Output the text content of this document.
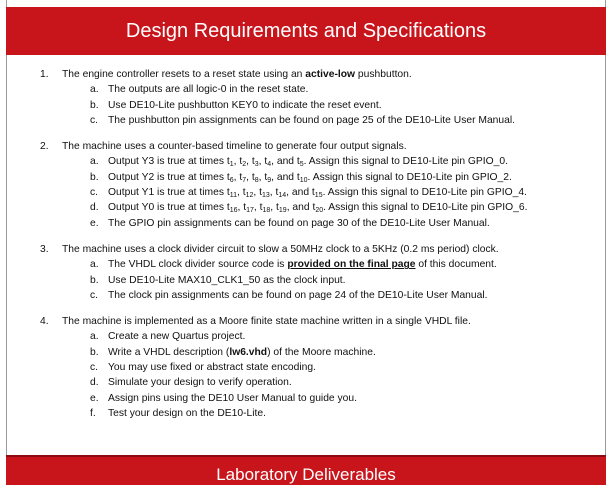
Design Requirements and Specifications
1. The engine controller resets to a reset state using an active-low pushbutton.
a. The outputs are all logic-0 in the reset state.
b. Use DE10-Lite pushbutton KEY0 to indicate the reset event.
c. The pushbutton pin assignments can be found on page 25 of the DE10-Lite User Manual.
2. The machine uses a counter-based timeline to generate four output signals.
a. Output Y3 is true at times $t_1$, $t_2$, $t_3$, $t_4$, and $t_5$. Assign this signal to DE10-Lite pin GPIO_0.
b. Output Y2 is true at times $t_6$, $t_7$, $t_8$, $t_9$, and $t_{10}$. Assign this signal to DE10-Lite pin GPIO_2.
c. Output Y1 is true at times $t_{11}$, $t_{12}$, $t_{13}$, $t_{14}$, and $t_{15}$. Assign this signal to DE10-Lite pin GPIO_4.
d. Output Y0 is true at times $t_{16}$, $t_{17}$, $t_{18}$, $t_{19}$, and $t_{20}$. Assign this signal to DE10-Lite pin GPIO_6.
e. The GPIO pin assignments can be found on page 30 of the DE10-Lite User Manual.
3. The machine uses a clock divider circuit to slow a 50MHz clock to a 5KHz (0.2 ms period) clock.
a. The VHDL clock divider source code is provided on the final page of this document.
b. Use DE10-Lite MAX10_CLK1_50 as the clock input.
c. The clock pin assignments can be found on page 24 of the DE10-Lite User Manual.
4. The machine is implemented as a Moore finite state machine written in a single VHDL file.
a. Create a new Quartus project.
b. Write a VHDL description (lw6.vhd) of the Moore machine.
c. You may use fixed or abstract state encoding.
d. Simulate your design to verify operation.
e. Assign pins using the DE10 User Manual to guide you.
f. Test your design on the DE10-Lite.
Laboratory Deliverables
